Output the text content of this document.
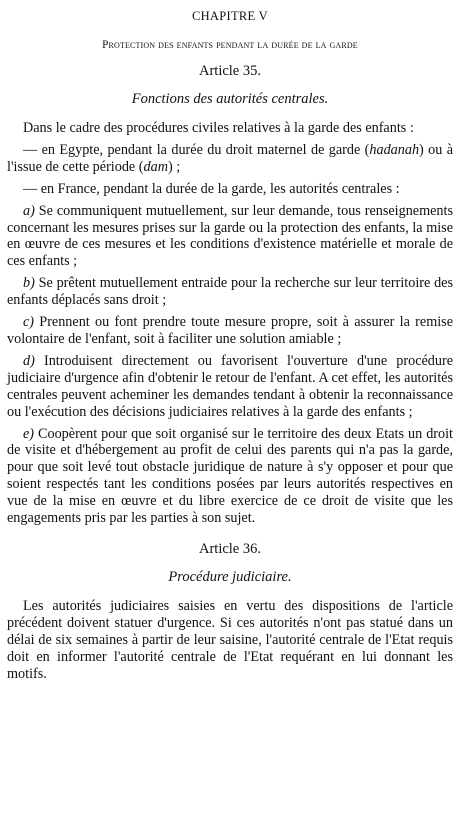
CHAPITRE V
Protection des enfants pendant la durée de la garde
Article 35.
Fonctions des autorités centrales.

Dans le cadre des procédures civiles relatives à la garde des enfants :

— en Egypte, pendant la durée du droit maternel de garde (hadanah) ou à l'issue de cette période (dam) ;

— en France, pendant la durée de la garde, les autorités centrales :

a) Se communiquent mutuellement, sur leur demande, tous renseignements concernant les mesures prises sur la garde ou la protection des enfants, la mise en œuvre de ces mesures et les conditions d'existence matérielle et morale de ces enfants ;

b) Se prêtent mutuellement entraide pour la recherche sur leur territoire des enfants déplacés sans droit ;

c) Prennent ou font prendre toute mesure propre, soit à assurer la remise volontaire de l'enfant, soit à faciliter une solution amiable ;

d) Introduisent directement ou favorisent l'ouverture d'une procédure judiciaire d'urgence afin d'obtenir le retour de l'enfant. A cet effet, les autorités centrales peuvent acheminer les demandes tendant à obtenir la reconnaissance ou l'exécution des décisions judiciaires relatives à la garde des enfants ;

e) Coopèrent pour que soit organisé sur le territoire des deux Etats un droit de visite et d'hébergement au profit de celui des parents qui n'a pas la garde, pour que soit levé tout obstacle juridique de nature à s'y opposer et pour que soient respectés tant les conditions posées par leurs autorités respectives en vue de la mise en œuvre et du libre exercice de ce droit de visite que les engagements pris par les parties à son sujet.

Article 36.
Procédure judiciaire.

Les autorités judiciaires saisies en vertu des dispositions de l'article précédent doivent statuer d'urgence. Si ces autorités n'ont pas statué dans un délai de six semaines à partir de leur saisine, l'autorité centrale de l'Etat requis doit en informer l'autorité centrale de l'Etat requérant en lui donnant les motifs.
